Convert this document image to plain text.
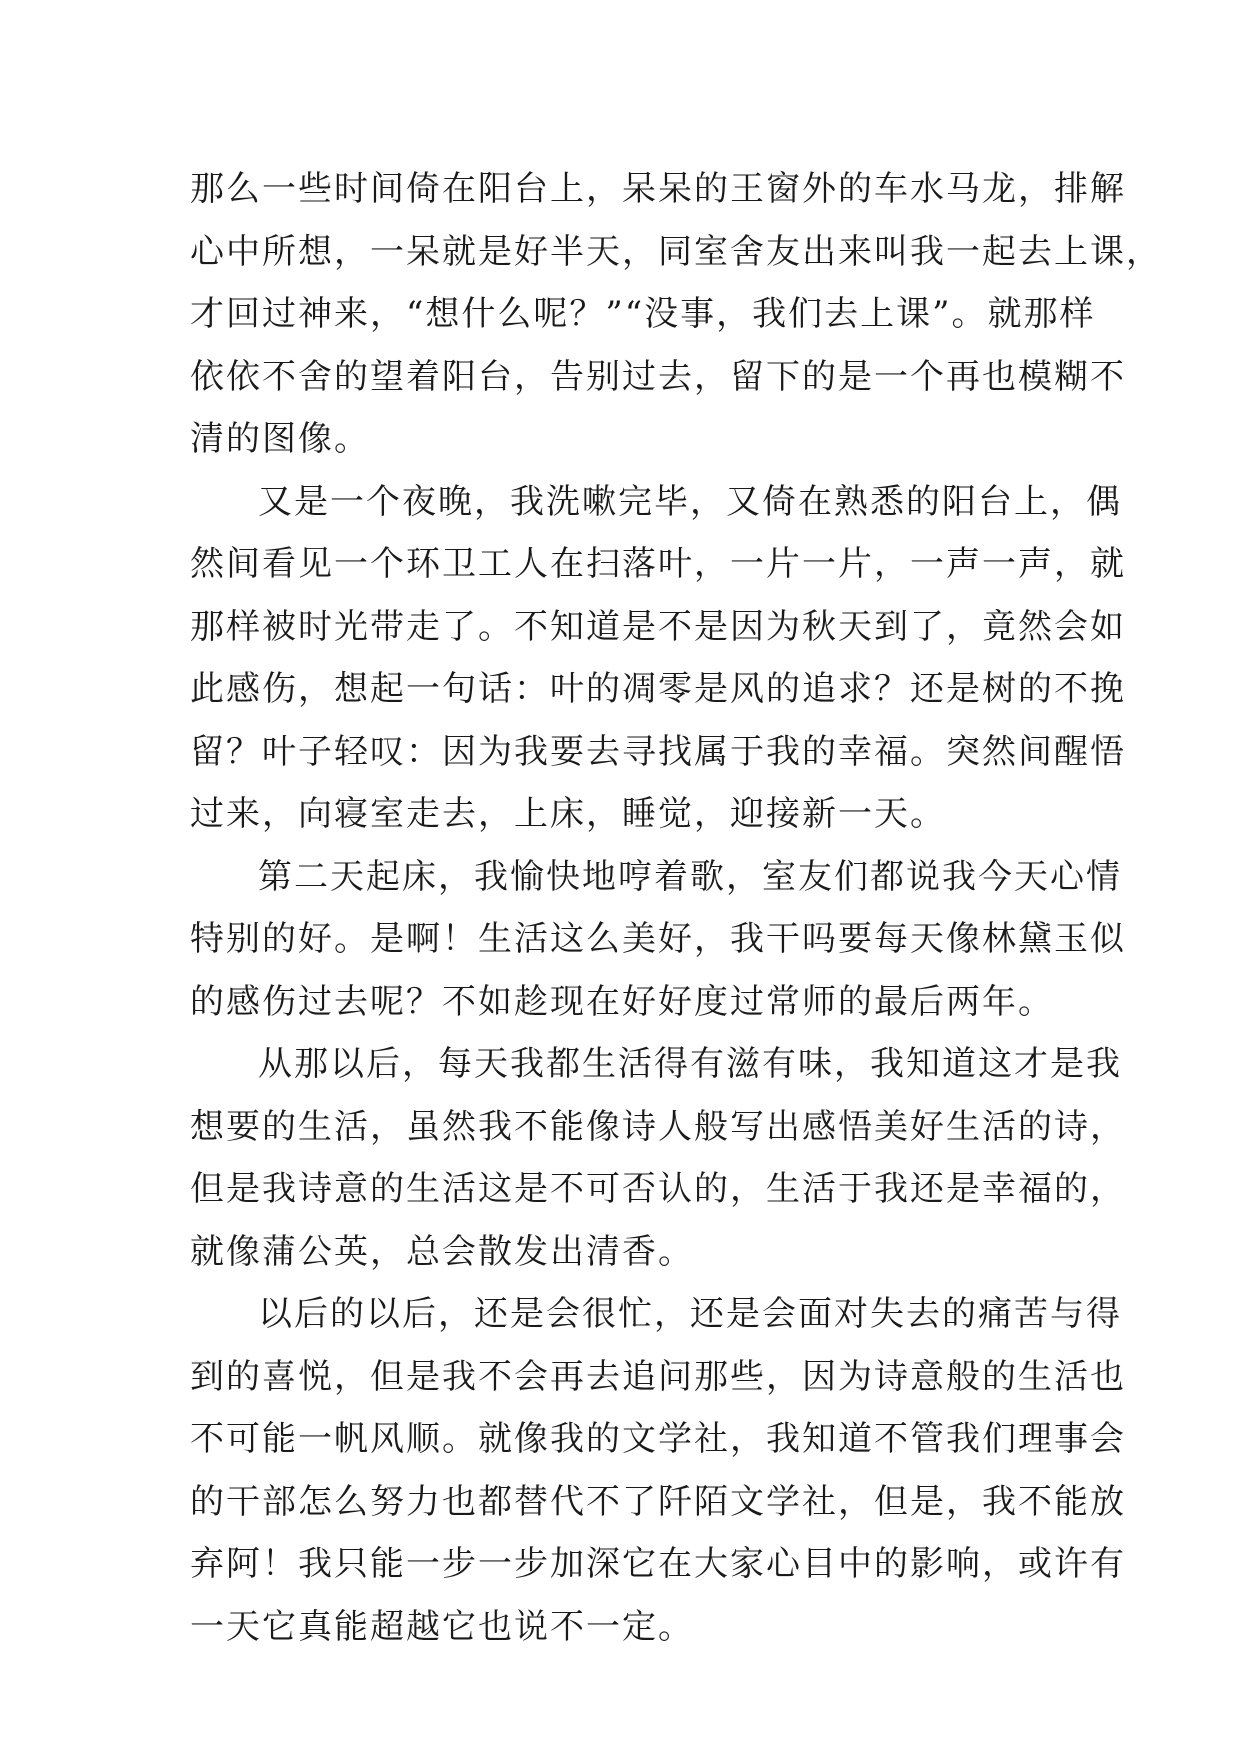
那么一些时间倚在阳台上，呆呆的王窗外的车水马龙，排解
心中所想，一呆就是好半天，同室舍友出来叫我一起去上课，
才回过神来，“想什么呢？”“没事，我们去上课”。就那样
依依不舍的望着阳台，告别过去，留下的是一个再也模糊不
清的图像。
又是一个夜晚，我洗嗽完毕，又倚在熟悉的阳台上，偶
然间看见一个环卫工人在扫落叶，一片一片，一声一声，就
那样被时光带走了。不知道是不是因为秋天到了，竟然会如
此感伤，想起一句话：叶的凋零是风的追求？还是树的不挽
留？叶子轻叹：因为我要去寻找属于我的幸福。突然间醒悟
过来，向寝室走去，上床，睡觉，迎接新一天。
第二天起床，我愉快地哼着歌，室友们都说我今天心情
特别的好。是啊！生活这么美好，我干吗要每天像林黛玉似
的感伤过去呢？不如趁现在好好度过常师的最后两年。
从那以后，每天我都生活得有滋有味，我知道这才是我
想要的生活，虽然我不能像诗人般写出感悟美好生活的诗，
但是我诗意的生活这是不可否认的，生活于我还是幸福的，
就像蒲公英，总会散发出清香。
以后的以后，还是会很忙，还是会面对失去的痛苦与得
到的喜悦，但是我不会再去追问那些，因为诗意般的生活也
不可能一帆风顺。就像我的文学社，我知道不管我们理事会
的干部怎么努力也都替代不了阡陌文学社，但是，我不能放
弃阿！我只能一步一步加深它在大家心目中的影响，或许有
一天它真能超越它也说不一定。
